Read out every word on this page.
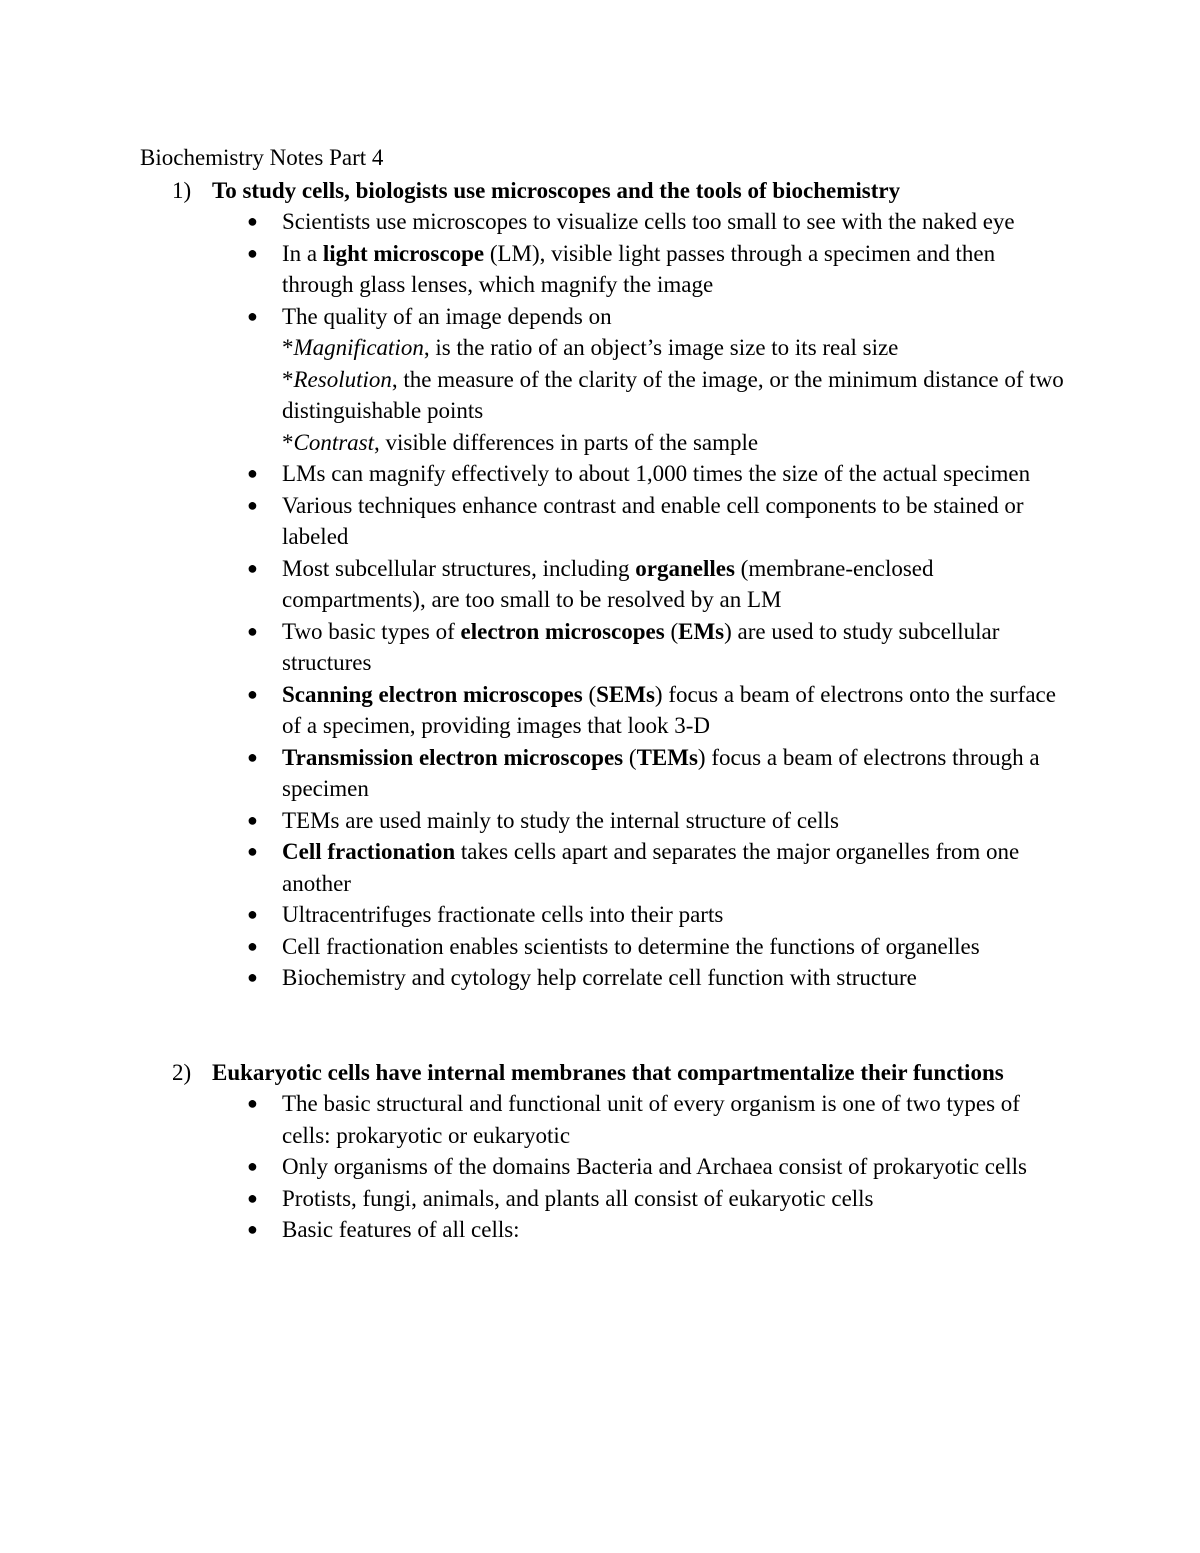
Biochemistry Notes Part 4
1) To study cells, biologists use microscopes and the tools of biochemistry
● Scientists use microscopes to visualize cells too small to see with the naked eye
● In a light microscope (LM), visible light passes through a specimen and then through glass lenses, which magnify the image
● The quality of an image depends on
*Magnification, is the ratio of an object’s image size to its real size
*Resolution, the measure of the clarity of the image, or the minimum distance of two distinguishable points
*Contrast, visible differences in parts of the sample
● LMs can magnify effectively to about 1,000 times the size of the actual specimen
● Various techniques enhance contrast and enable cell components to be stained or labeled
● Most subcellular structures, including organelles (membrane-enclosed compartments), are too small to be resolved by an LM
● Two basic types of electron microscopes (EMs) are used to study subcellular structures
● Scanning electron microscopes (SEMs) focus a beam of electrons onto the surface of a specimen, providing images that look 3-D
● Transmission electron microscopes (TEMs) focus a beam of electrons through a specimen
● TEMs are used mainly to study the internal structure of cells
● Cell fractionation takes cells apart and separates the major organelles from one another
● Ultracentrifuges fractionate cells into their parts
● Cell fractionation enables scientists to determine the functions of organelles
● Biochemistry and cytology help correlate cell function with structure
2) Eukaryotic cells have internal membranes that compartmentalize their functions
● The basic structural and functional unit of every organism is one of two types of cells: prokaryotic or eukaryotic
● Only organisms of the domains Bacteria and Archaea consist of prokaryotic cells
● Protists, fungi, animals, and plants all consist of eukaryotic cells
● Basic features of all cells:
